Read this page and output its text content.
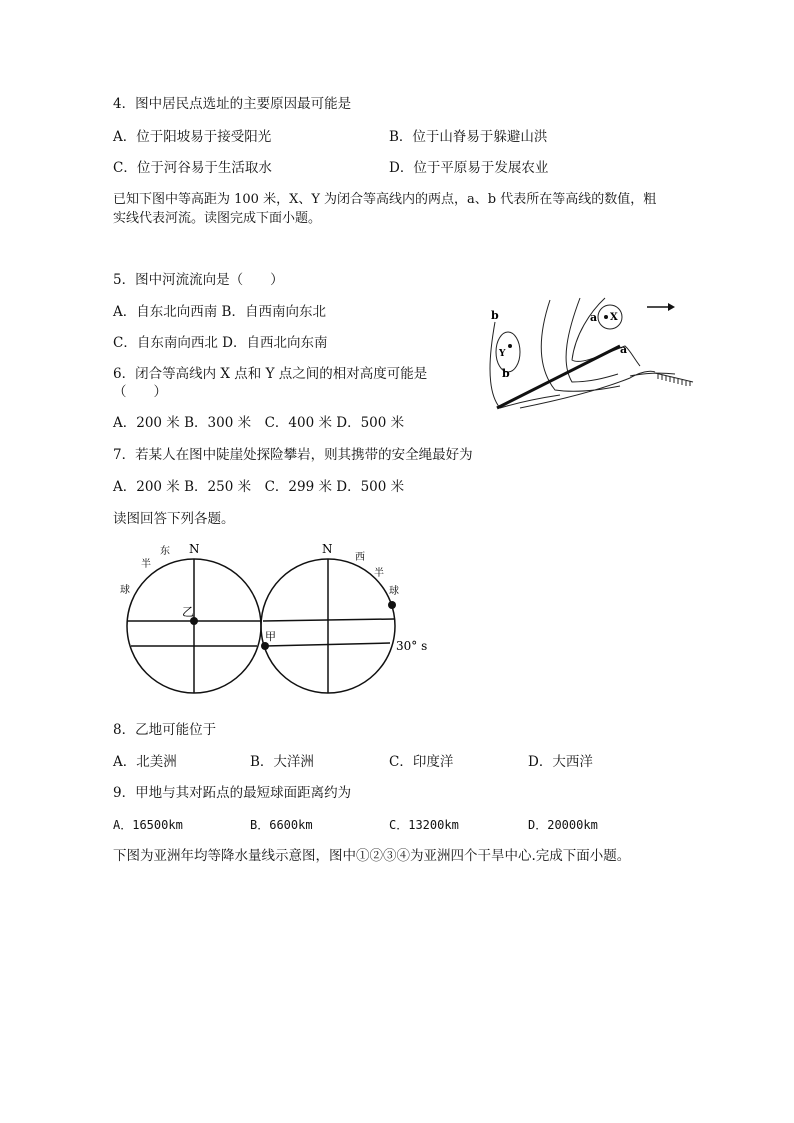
4．图中居民点选址的主要原因最可能是
A．位于阳坡易于接受阳光	B．位于山脊易于躲避山洪
C．位于河谷易于生活取水	D．位于平原易于发展农业
已知下图中等高距为 100 米，X、Y 为闭合等高线内的两点，a、b 代表所在等高线的数值，粗
实线代表河流。读图完成下面小题。
5．图中河流流向是（　　）
A．自东北向西南 B．自西南向东北
C．自东南向西北 D．自西北向东南
6．闭合等高线内 X 点和 Y 点之间的相对高度可能是
（　　）
A．200 米 B．300 米　C．400 米 D．500 米
7．若某人在图中陡崖处探险攀岩，则其携带的安全绳最好为
A．200 米 B．250 米　C．299 米 D．500 米
读图回答下列各题。
b	a X
Y
b
a
N
东
半
球
乙
N
西
半
球
甲
30° s
8．乙地可能位于
A．北美洲	B．大洋洲	C．印度洋	D．大西洋
9．甲地与其对跖点的最短球面距离约为
A．16500km	B．6600km	C．13200km	D．20000km
下图为亚洲年均等降水量线示意图，图中①②③④为亚洲四个干旱中心.完成下面小题。
